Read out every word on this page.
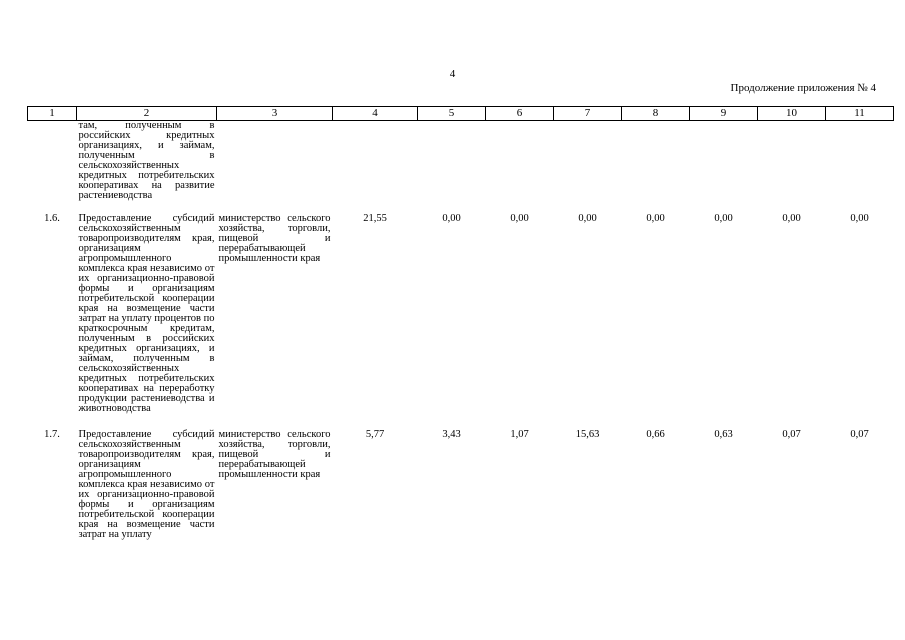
4
Продолжение приложения № 4
1	2	3	4	5	6	7	8	9	10	11
	там, полученным в российских кредитных организациях, и займам, полученным в сельскохозяйственных кредитных потребительских кооперативах на развитие растениеводства									
1.6.	Предоставление субсидий сельскохозяйственным товаропроизводителям края, организациям агропромышленного комплекса края независимо от их организационно-правовой формы и организациям потребительской кооперации края на возмещение части затрат на уплату процентов по краткосрочным кредитам, полученным в российских кредитных организациях, и займам, полученным в сельскохозяйственных кредитных потребительских кооперативах на переработку продукции растениеводства и животноводства	министерство сельского хозяйства, торговли, пищевой и перерабатывающей промышленности края	21,55	0,00	0,00	0,00	0,00	0,00	0,00	0,00
1.7.	Предоставление субсидий сельскохозяйственным товаропроизводителям края, организациям агропромышленного комплекса края независимо от их организационно-правовой формы и организациям потребительской кооперации края на возмещение части затрат на уплату	министерство сельского хозяйства, торговли, пищевой и перерабатывающей промышленности края	5,77	3,43	1,07	15,63	0,66	0,63	0,07	0,07
